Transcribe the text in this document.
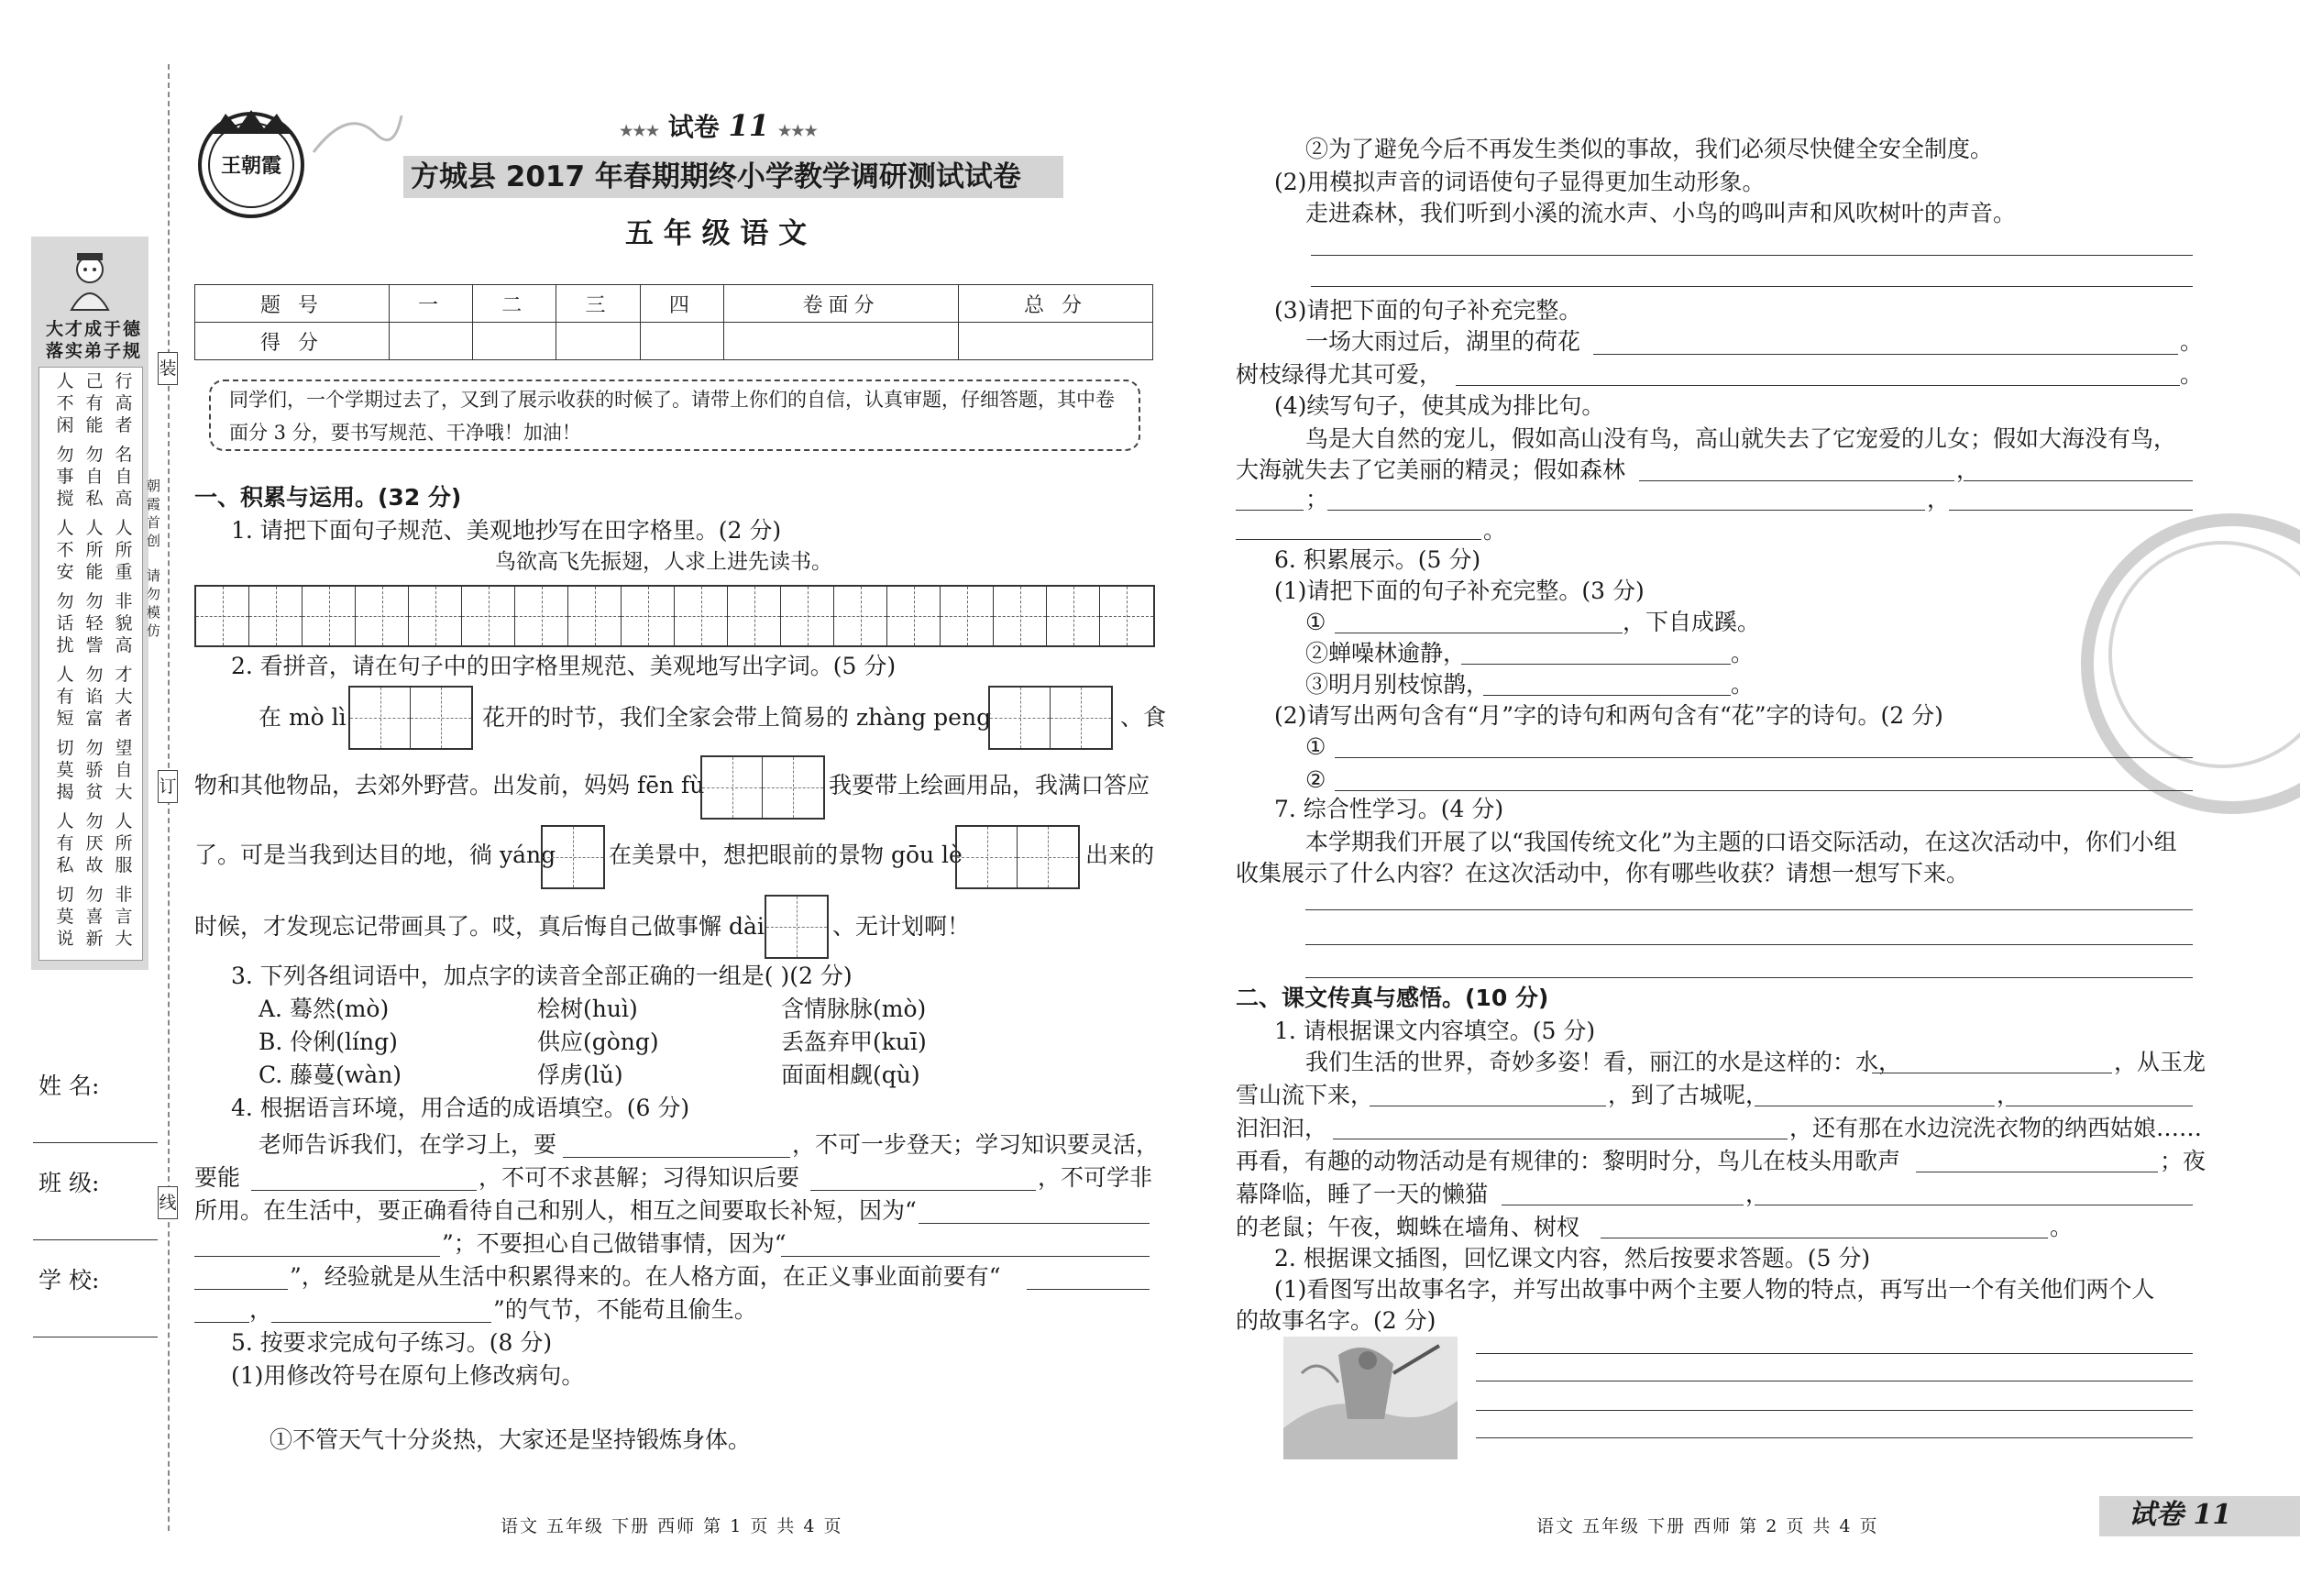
大才成于德
落实弟子规
人不闲
己有能
行高者
勿事搅
勿自私
名自高
人不安
人所能
人所重
勿话扰
勿轻訾
非貌高
人有短
勿谄富
才大者
切莫揭
勿骄贫
望自大
人有私
勿厌故
人所服
切莫说
勿喜新
非言大
姓 名:
班 级:
学 校:
装
订
线
朝霞首创
请勿模仿
王朝霞
★★★ 试卷 11 ★★★
方城县 2017 年春期期终小学教学调研测试试卷
五 年 级 语 文
题 号	一	二	三	四	卷面分	总 分
得 分						
同学们，一个学期过去了，又到了展示收获的时候了。请带上你们的自信，认真审题，仔细答题，其中卷面分 3 分，要书写规范、干净哦！加油！
一、积累与运用。(32 分)
1. 请把下面句子规范、美观地抄写在田字格里。(2 分)
鸟欲高飞先振翅，人求上进先读书。
2. 看拼音，请在句子中的田字格里规范、美观地写出字词。(5 分)
在 mò lì	花开的时节，我们全家会带上简易的 zhàng peng	、食
物和其他物品，去郊外野营。出发前，妈妈 fēn fù	我要带上绘画用品，我满口答应
了。可是当我到达目的地，徜 yáng 在美景中，想把眼前的景物 gōu lè	出来的
时候，才发现忘记带画具了。哎，真后悔自己做事懈 dài	、无计划啊！
3. 下列各组词语中，加点字的读音全部正确的一组是( )(2 分)
A. 蓦然(mò)	桧树(huì)	含情脉脉(mò)
B. 伶俐(líng)	供应(gòng)	丢盔弃甲(kuī)
C. 藤蔓(wàn)	俘虏(lǔ)	面面相觑(qù)
4. 根据语言环境，用合适的成语填空。(6 分)
老师告诉我们，在学习上，要	，不可一步登天；学习知识要灵活，
要能	，不可不求甚解；习得知识后要	，不可学非
所用。在生活中，要正确看待自己和别人，相互之间要取长补短，因为“
”；不要担心自己做错事情，因为“
”，经验就是从生活中积累得来的。在人格方面，在正义事业面前要有“
，	”的气节，不能苟且偷生。
5. 按要求完成句子练习。(8 分)
(1)用修改符号在原句上修改病句。
①不管天气十分炎热，大家还是坚持锻炼身体。
语文 五年级 下册 西师 第 1 页 共 4 页
②为了避免今后不再发生类似的事故，我们必须尽快健全安全制度。
(2)用模拟声音的词语使句子显得更加生动形象。
走进森林，我们听到小溪的流水声、小鸟的鸣叫声和风吹树叶的声音。
(3)请把下面的句子补充完整。
一场大雨过后，湖里的荷花	。
树枝绿得尤其可爱，	。
(4)续写句子，使其成为排比句。
鸟是大自然的宠儿，假如高山没有鸟，高山就失去了它宠爱的儿女；假如大海没有鸟，
大海就失去了它美丽的精灵；假如森林	，
；	，
。
6. 积累展示。(5 分)
(1)请把下面的句子补充完整。(3 分)
①	，下自成蹊。
②蝉噪林逾静，	。
③明月别枝惊鹊，	。
(2)请写出两句含有“月”字的诗句和两句含有“花”字的诗句。(2 分)
①
②
7. 综合性学习。(4 分)
本学期我们开展了以“我国传统文化”为主题的口语交际活动，在这次活动中，你们小组
收集展示了什么内容？在这次活动中，你有哪些收获？请想一想写下来。
二、课文传真与感悟。(10 分)
1. 请根据课文内容填空。(5 分)
我们生活的世界，奇妙多姿！看，丽江的水是这样的：水，	，从玉龙
雪山流下来，	，到了古城呢，	，
汩汩汩，	，还有那在水边浣洗衣物的纳西姑娘……
再看，有趣的动物活动是有规律的：黎明时分，鸟儿在枝头用歌声	；夜
幕降临，睡了一天的懒猫	，
的老鼠；午夜，蜘蛛在墙角、树杈	。
2. 根据课文插图，回忆课文内容，然后按要求答题。(5 分)
(1)看图写出故事名字，并写出故事中两个主要人物的特点，再写出一个有关他们两个人
的故事名字。(2 分)
语文 五年级 下册 西师 第 2 页 共 4 页	试卷 11
